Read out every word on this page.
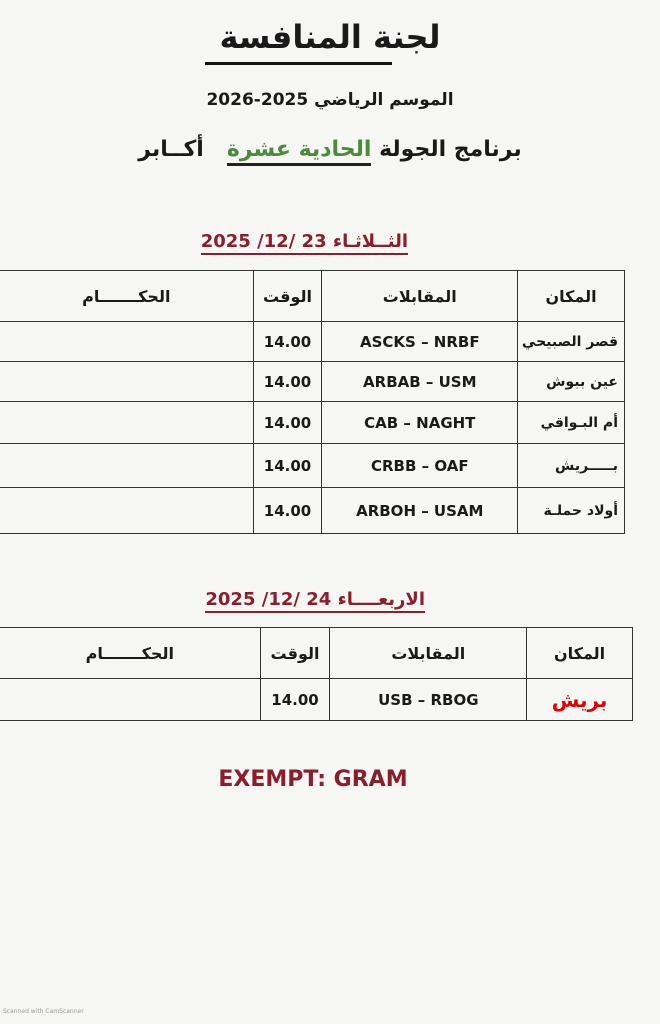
لجنة المنافسة
الموسم الرياضي 2025-2026
برنامج الجولة الحادية عشرة   أكــابر
الثــلاثـاء 23 /12/ 2025
المكان	المقابلات	الوقت	الحكـــــــام
قصر الصبيحي	ASCKS – NRBF	14.00	
عين ببوش	ARBAB – USM	14.00	
أم البـواقي	CAB – NAGHT	14.00	
بـــــريش	CRBB – OAF	14.00	
أولاد حملـة	ARBOH – USAM	14.00	
الاربعــــاء 24 /12/ 2025
المكان	المقابلات	الوقت	الحكـــــــام
بريش	USB – RBOG	14.00	
EXEMPT: GRAM
Scanned with CamScanner
